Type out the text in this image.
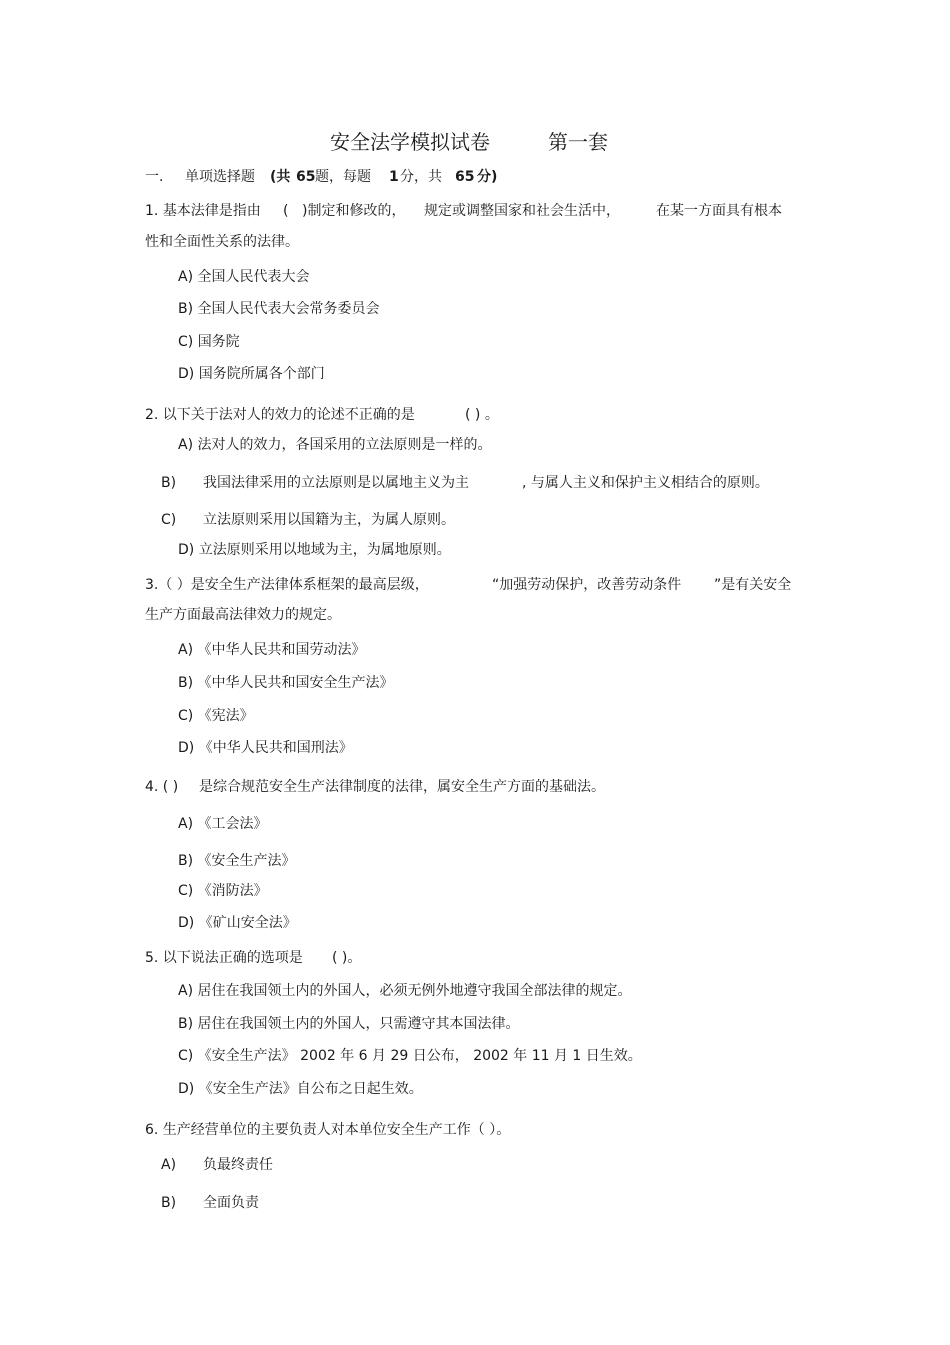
安全法学模拟试卷	第一套
一. 单项选择题 (共 65 题，每题 1 分，共 65 分)
1. 基本法律是指由 ( )制定和修改的， 规定或调整国家和社会生活中，	在某一方面具有根本
性和全面性关系的法律。
A) 全国人民代表大会
B) 全国人民代表大会常务委员会
C) 国务院
D) 国务院所属各个部门
2. 以下关于法对人的效力的论述不正确的是	( ) 。
A) 法对人的效力，各国采用的立法原则是一样的。
B) 我国法律采用的立法原则是以属地主义为主	, 与属人主义和保护主义相结合的原则。
C) 立法原则采用以国籍为主，为属人原则。
D) 立法原则采用以地域为主，为属地原则。
3.（ ）是安全生产法律体系框架的最高层级，	“加强劳动保护，改善劳动条件 ”是有关安全
生产方面最高法律效力的规定。
A) 《中华人民共和国劳动法》
B) 《中华人民共和国安全生产法》
C) 《宪法》
D) 《中华人民共和国刑法》
4. ( ) 是综合规范安全生产法律制度的法律，属安全生产方面的基础法。
A) 《工会法》
B) 《安全生产法》
C) 《消防法》
D) 《矿山安全法》
5. 以下说法正确的选项是 ( )。
A) 居住在我国领土内的外国人，必须无例外地遵守我国全部法律的规定。
B) 居住在我国领土内的外国人，只需遵守其本国法律。
C) 《安全生产法》 2002 年 6 月 29 日公布， 2002 年 11 月 1 日生效。
D) 《安全生产法》自公布之日起生效。
6. 生产经营单位的主要负责人对本单位安全生产工作（ ）。
A) 负最终责任
B) 全面负责
